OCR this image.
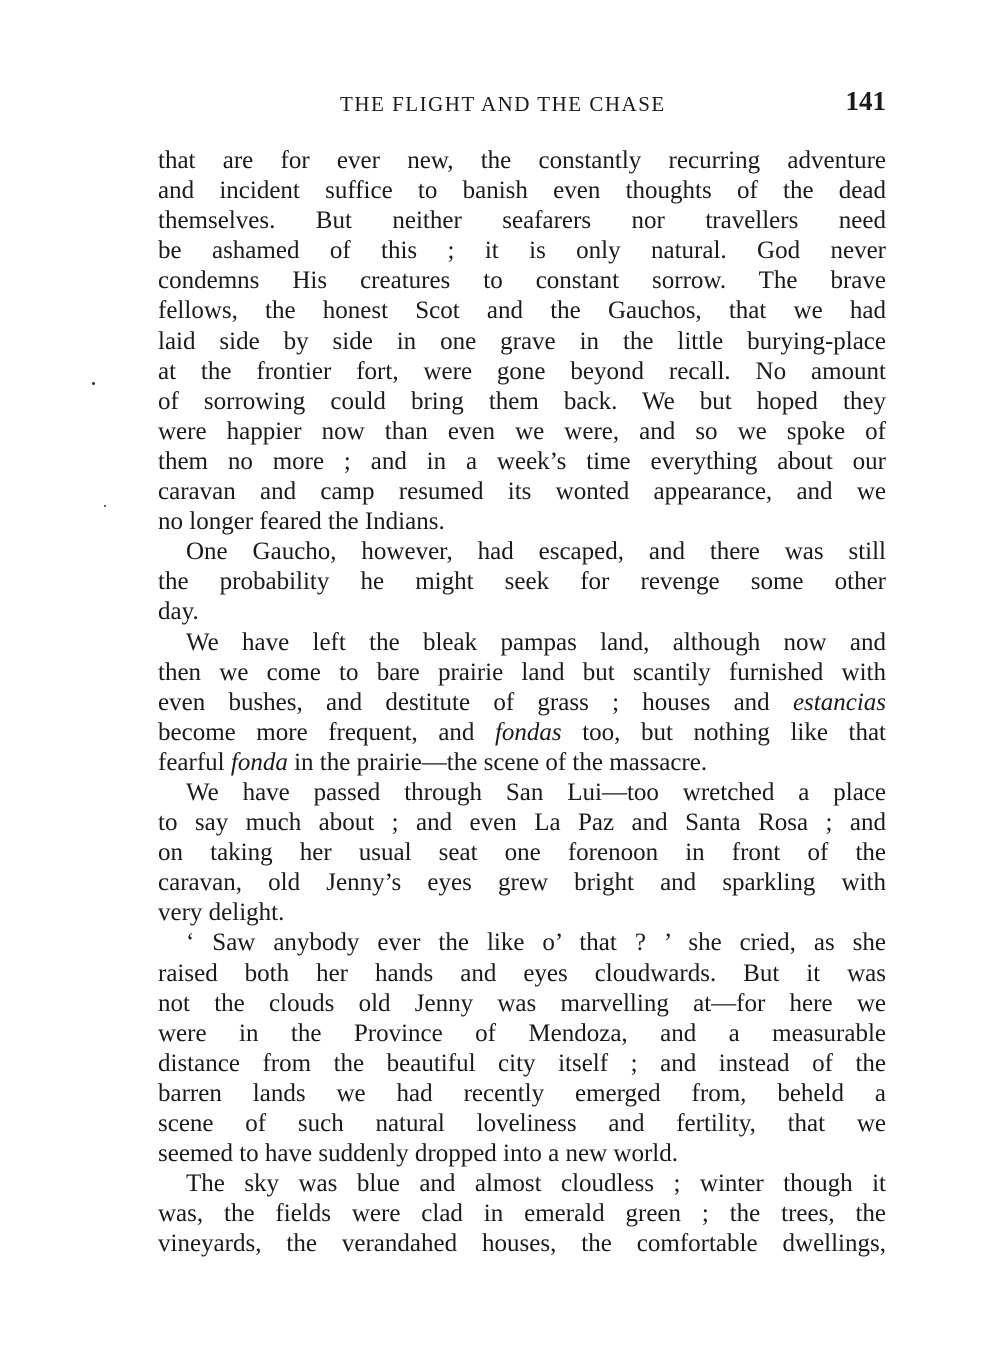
THE FLIGHT AND THE CHASE	141
that are for ever new, the constantly recurring adventure
and incident suffice to banish even thoughts of the dead
themselves. But neither seafarers nor travellers need
be ashamed of this ; it is only natural. God never
condemns His creatures to constant sorrow. The brave
fellows, the honest Scot and the Gauchos, that we had
laid side by side in one grave in the little burying-place
at the frontier fort, were gone beyond recall. No amount
of sorrowing could bring them back. We but hoped they
were happier now than even we were, and so we spoke of
them no more ; and in a week’s time everything about our
caravan and camp resumed its wonted appearance, and we
no longer feared the Indians.
One Gaucho, however, had escaped, and there was still
the probability he might seek for revenge some other
day.
We have left the bleak pampas land, although now and
then we come to bare prairie land but scantily furnished with
even bushes, and destitute of grass ; houses and estancias
become more frequent, and fondas too, but nothing like that
fearful fonda in the prairie—the scene of the massacre.
We have passed through San Lui—too wretched a place
to say much about ; and even La Paz and Santa Rosa ; and
on taking her usual seat one forenoon in front of the
caravan, old Jenny’s eyes grew bright and sparkling with
very delight.
‘ Saw anybody ever the like o’ that ? ’ she cried, as she
raised both her hands and eyes cloudwards. But it was
not the clouds old Jenny was marvelling at—for here we
were in the Province of Mendoza, and a measurable
distance from the beautiful city itself ; and instead of the
barren lands we had recently emerged from, beheld a
scene of such natural loveliness and fertility, that we
seemed to have suddenly dropped into a new world.
The sky was blue and almost cloudless ; winter though it
was, the fields were clad in emerald green ; the trees, the
vineyards, the verandahed houses, the comfortable dwellings,
